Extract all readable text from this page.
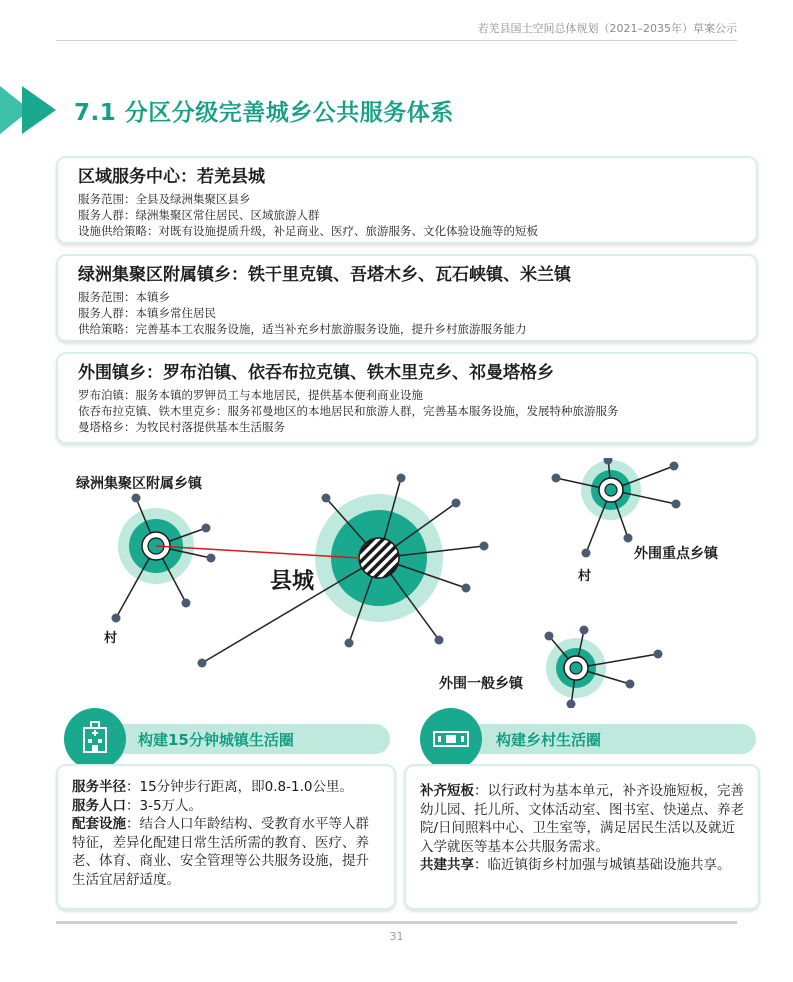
若羌县国土空间总体规划（2021–2035年）草案公示
7.1 分区分级完善城乡公共服务体系
区域服务中心：若羌县城
服务范围：全县及绿洲集聚区县乡
服务人群：绿洲集聚区常住居民、区域旅游人群
设施供给策略：对既有设施提质升级，补足商业、医疗、旅游服务、文化体验设施等的短板
绿洲集聚区附属镇乡：铁干里克镇、吾塔木乡、瓦石峡镇、米兰镇
服务范围：本镇乡
服务人群：本镇乡常住居民
供给策略：完善基本工农服务设施，适当补充乡村旅游服务设施，提升乡村旅游服务能力
外围镇乡：罗布泊镇、依吞布拉克镇、铁木里克乡、祁曼塔格乡
罗布泊镇：服务本镇的罗钾员工与本地居民，提供基本便利商业设施
依吞布拉克镇、铁木里克乡：服务祁曼地区的本地居民和旅游人群，完善基本服务设施，发展特种旅游服务
曼塔格乡：为牧民村落提供基本生活服务
绿洲集聚区附属乡镇
县城
村
外围重点乡镇
村
外围一般乡镇
构建15分钟城镇生活圈
服务半径：15分钟步行距离，即0.8-1.0公里。
服务人口：3-5万人。
配套设施：结合人口年龄结构、受教育水平等人群特征，差异化配建日常生活所需的教育、医疗、养老、体育、商业、安全管理等公共服务设施，提升生活宜居舒适度。
构建乡村生活圈
补齐短板：以行政村为基本单元，补齐设施短板，完善幼儿园、托儿所、文体活动室、图书室、快递点、养老院/日间照料中心、卫生室等，满足居民生活以及就近入学就医等基本公共服务需求。
共建共享：临近镇街乡村加强与城镇基础设施共享。
31
